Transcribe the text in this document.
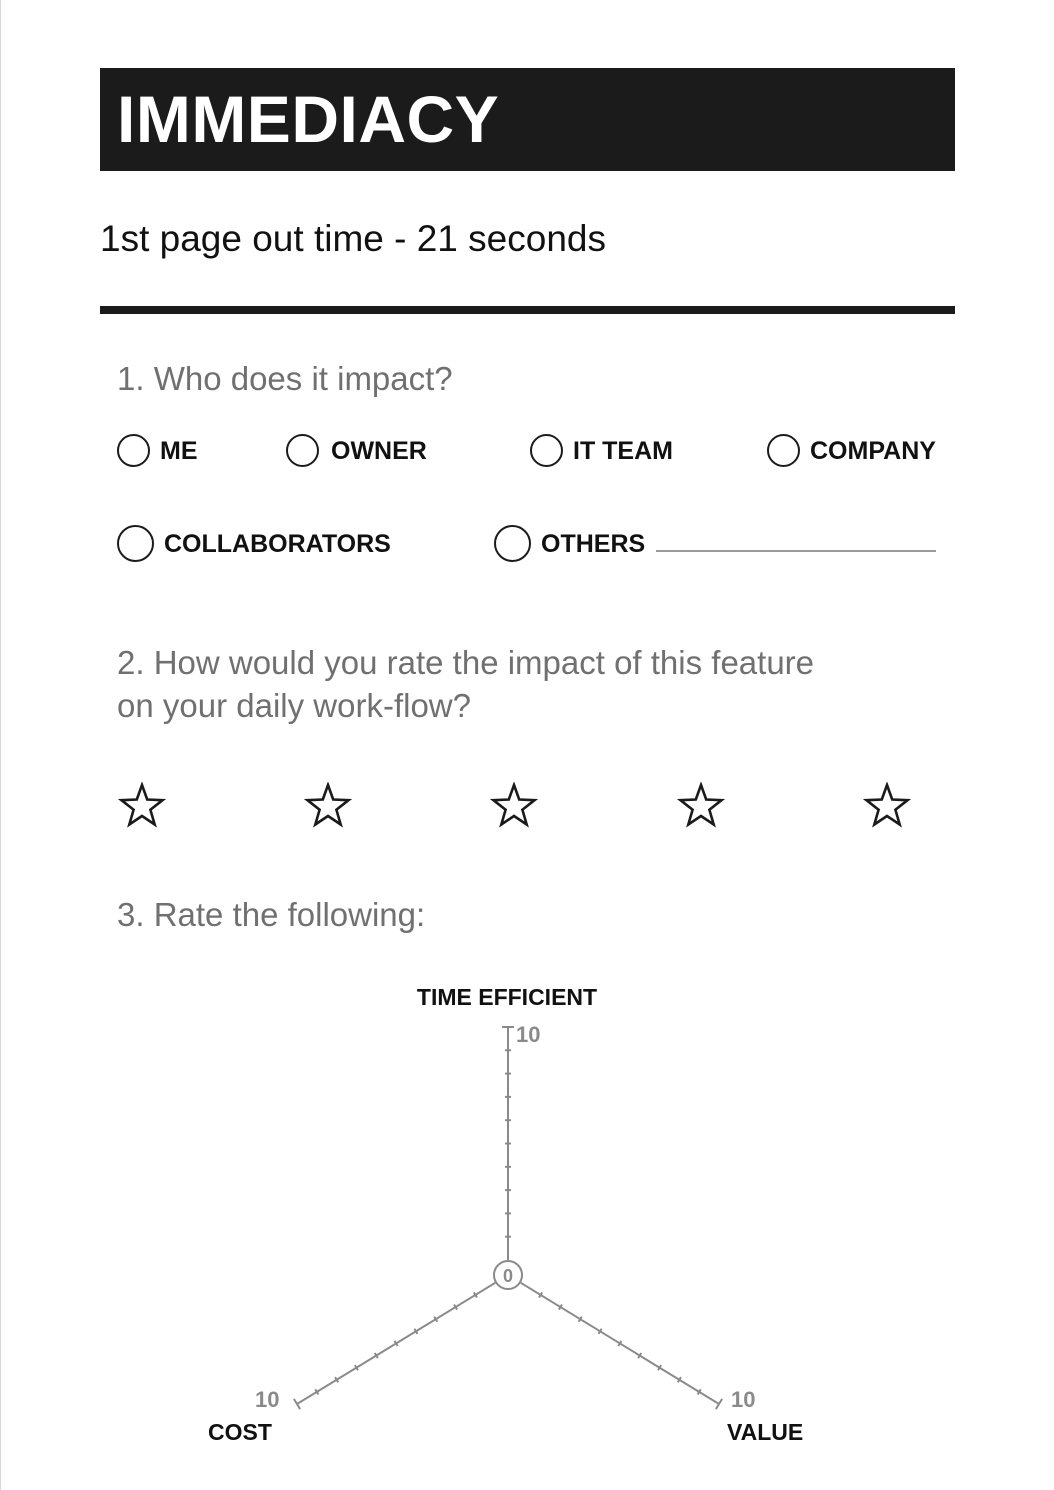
IMMEDIACY
1st page out time - 21 seconds
1. Who does it impact?
ME	OWNER	IT TEAM	COMPANY
COLLABORATORS	OTHERS
2. How would you rate the impact of this feature
on your daily work-flow?
3. Rate the following:
0
TIME EFFICIENT
10
10
VALUE
10
COST
